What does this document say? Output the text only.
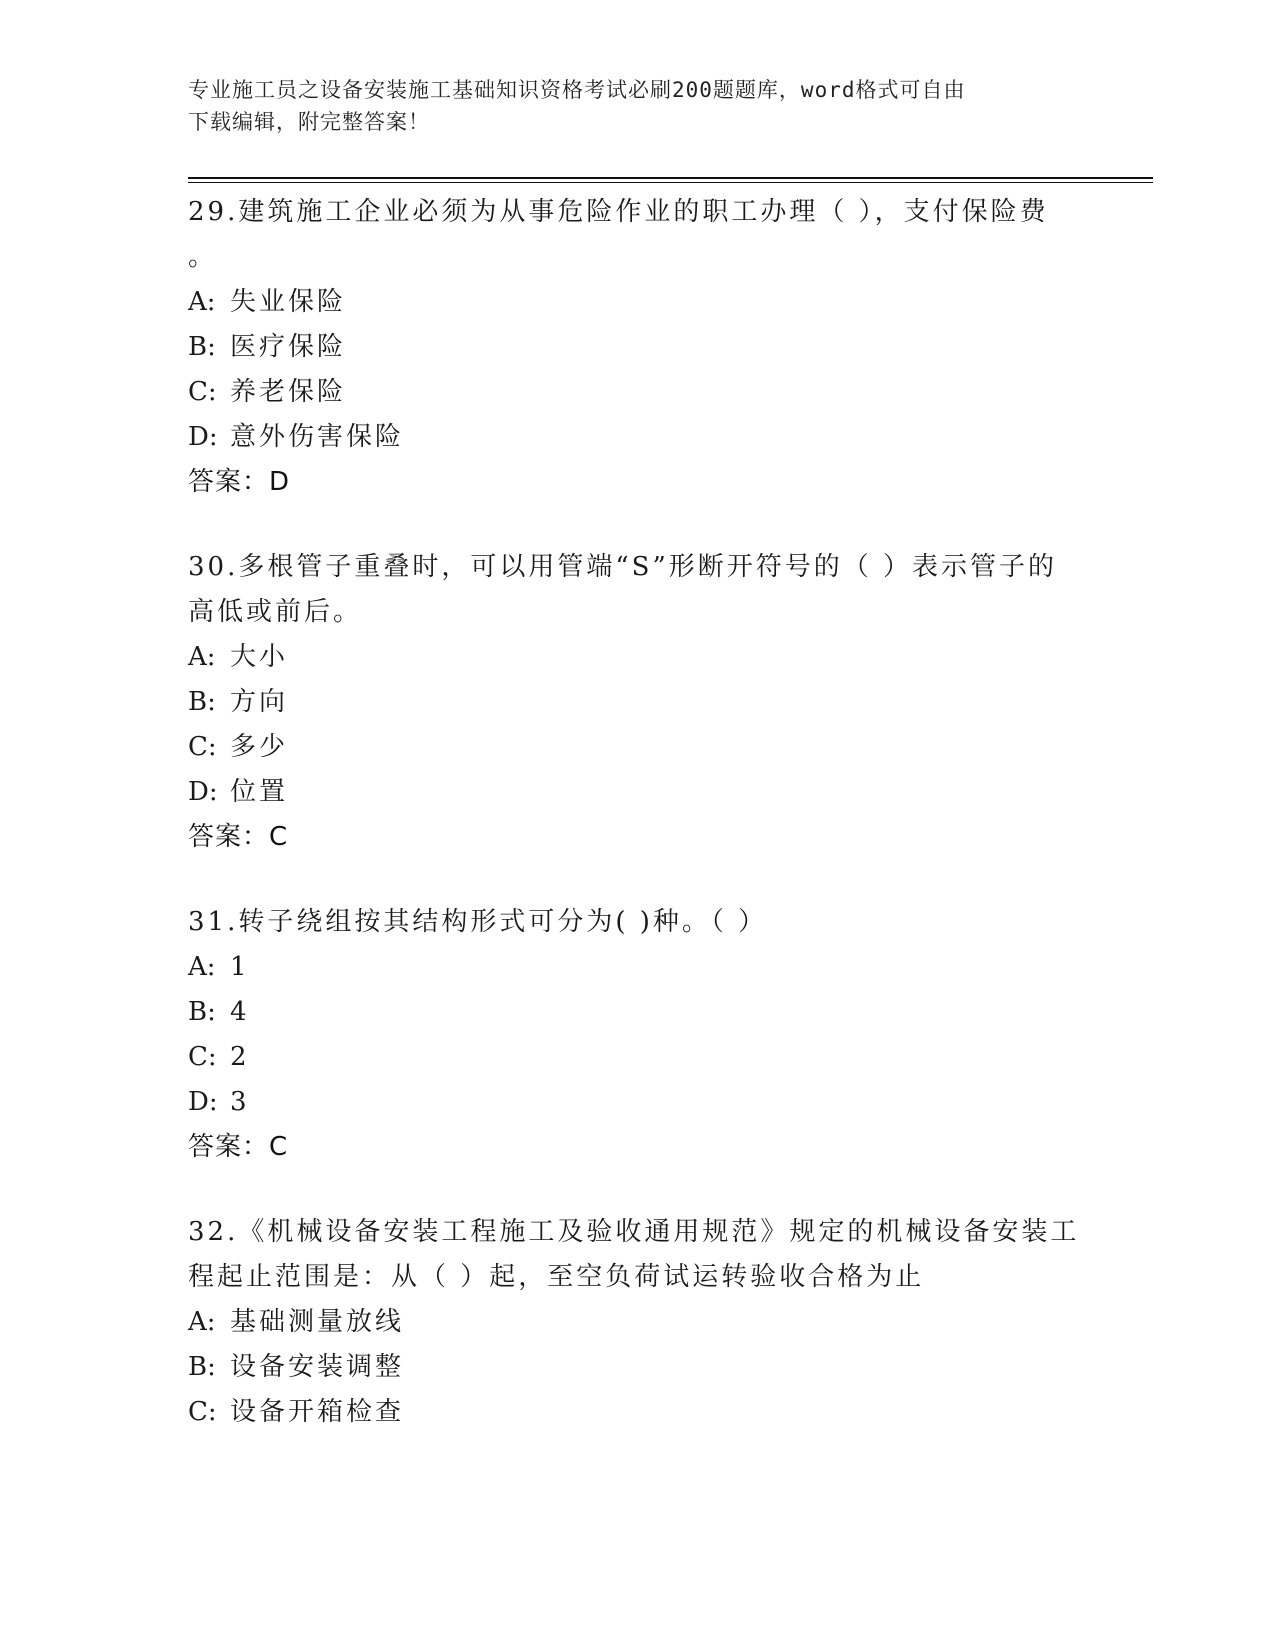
专业施工员之设备安装施工基础知识资格考试必刷200题题库，word格式可自由
下载编辑，附完整答案！
29.建筑施工企业必须为从事危险作业的职工办理（ ），支付保险费
。
A: 失业保险
B: 医疗保险
C: 养老保险
D: 意外伤害保险
答案：D
30.多根管子重叠时，可以用管端“S”形断开符号的（ ）表示管子的
高低或前后。
A: 大小
B: 方向
C: 多少
D: 位置
答案：C
31.转子绕组按其结构形式可分为( )种。（ ）
A: 1
B: 4
C: 2
D: 3
答案：C
32.《机械设备安装工程施工及验收通用规范》规定的机械设备安装工
程起止范围是：从（ ）起，至空负荷试运转验收合格为止
A: 基础测量放线
B: 设备安装调整
C: 设备开箱检查
